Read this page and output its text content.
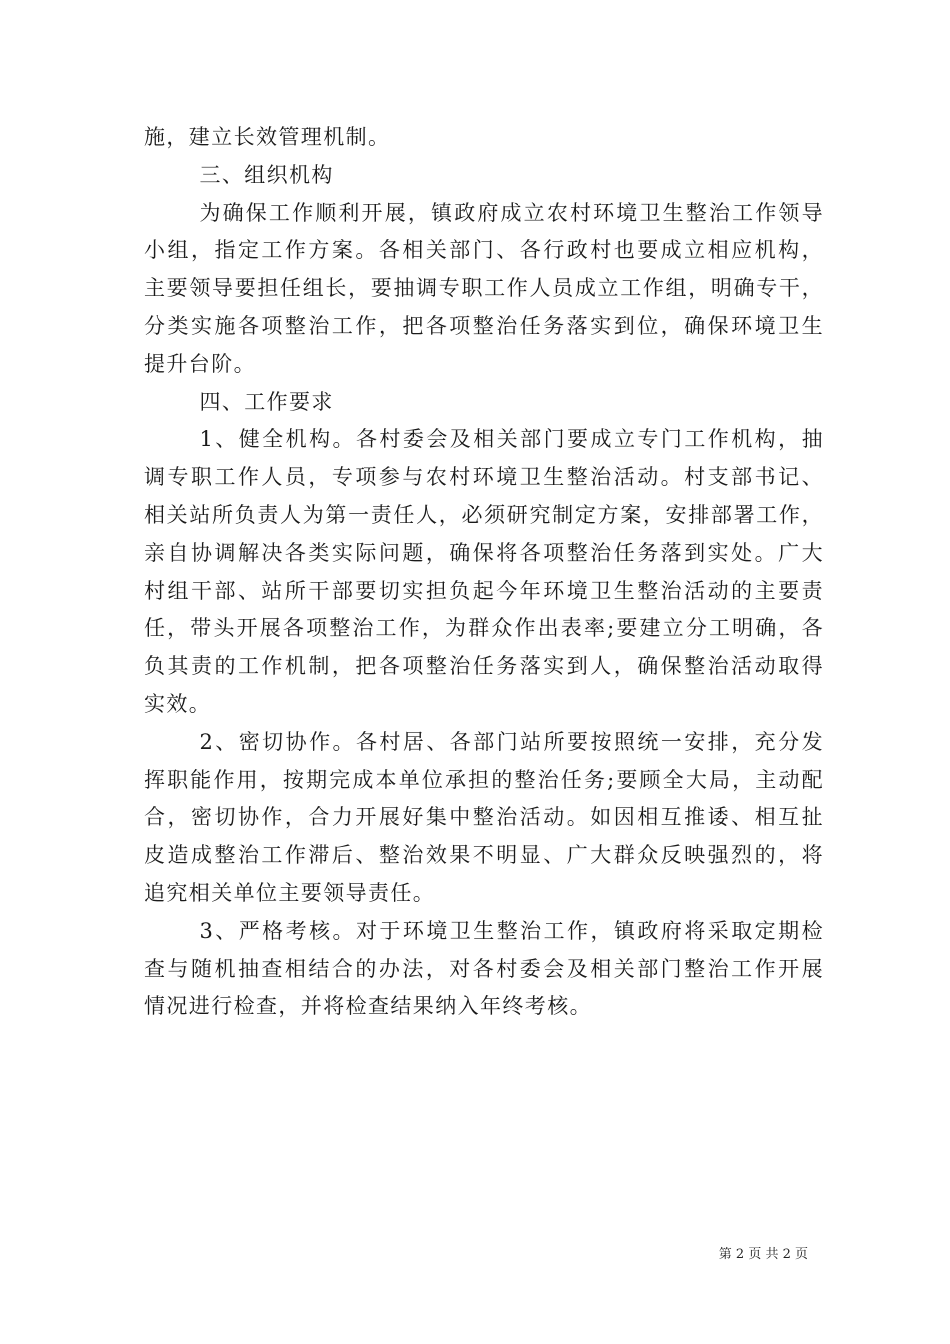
施，建立长效管理机制。
三、组织机构
为确保工作顺利开展，镇政府成立农村环境卫生整治工作领导
小组，指定工作方案。各相关部门、各行政村也要成立相应机构，
主要领导要担任组长，要抽调专职工作人员成立工作组，明确专干，
分类实施各项整治工作，把各项整治任务落实到位，确保环境卫生
提升台阶。
四、工作要求
1、健全机构。各村委会及相关部门要成立专门工作机构，抽
调专职工作人员，专项参与农村环境卫生整治活动。村支部书记、
相关站所负责人为第一责任人，必须研究制定方案，安排部署工作，
亲自协调解决各类实际问题，确保将各项整治任务落到实处。广大
村组干部、站所干部要切实担负起今年环境卫生整治活动的主要责
任，带头开展各项整治工作，为群众作出表率;要建立分工明确，各
负其责的工作机制，把各项整治任务落实到人，确保整治活动取得
实效。
2、密切协作。各村居、各部门站所要按照统一安排，充分发
挥职能作用，按期完成本单位承担的整治任务;要顾全大局，主动配
合，密切协作，合力开展好集中整治活动。如因相互推诿、相互扯
皮造成整治工作滞后、整治效果不明显、广大群众反映强烈的，将
追究相关单位主要领导责任。
3、严格考核。对于环境卫生整治工作，镇政府将采取定期检
查与随机抽查相结合的办法，对各村委会及相关部门整治工作开展
情况进行检查，并将检查结果纳入年终考核。
第 2 页 共 2 页
